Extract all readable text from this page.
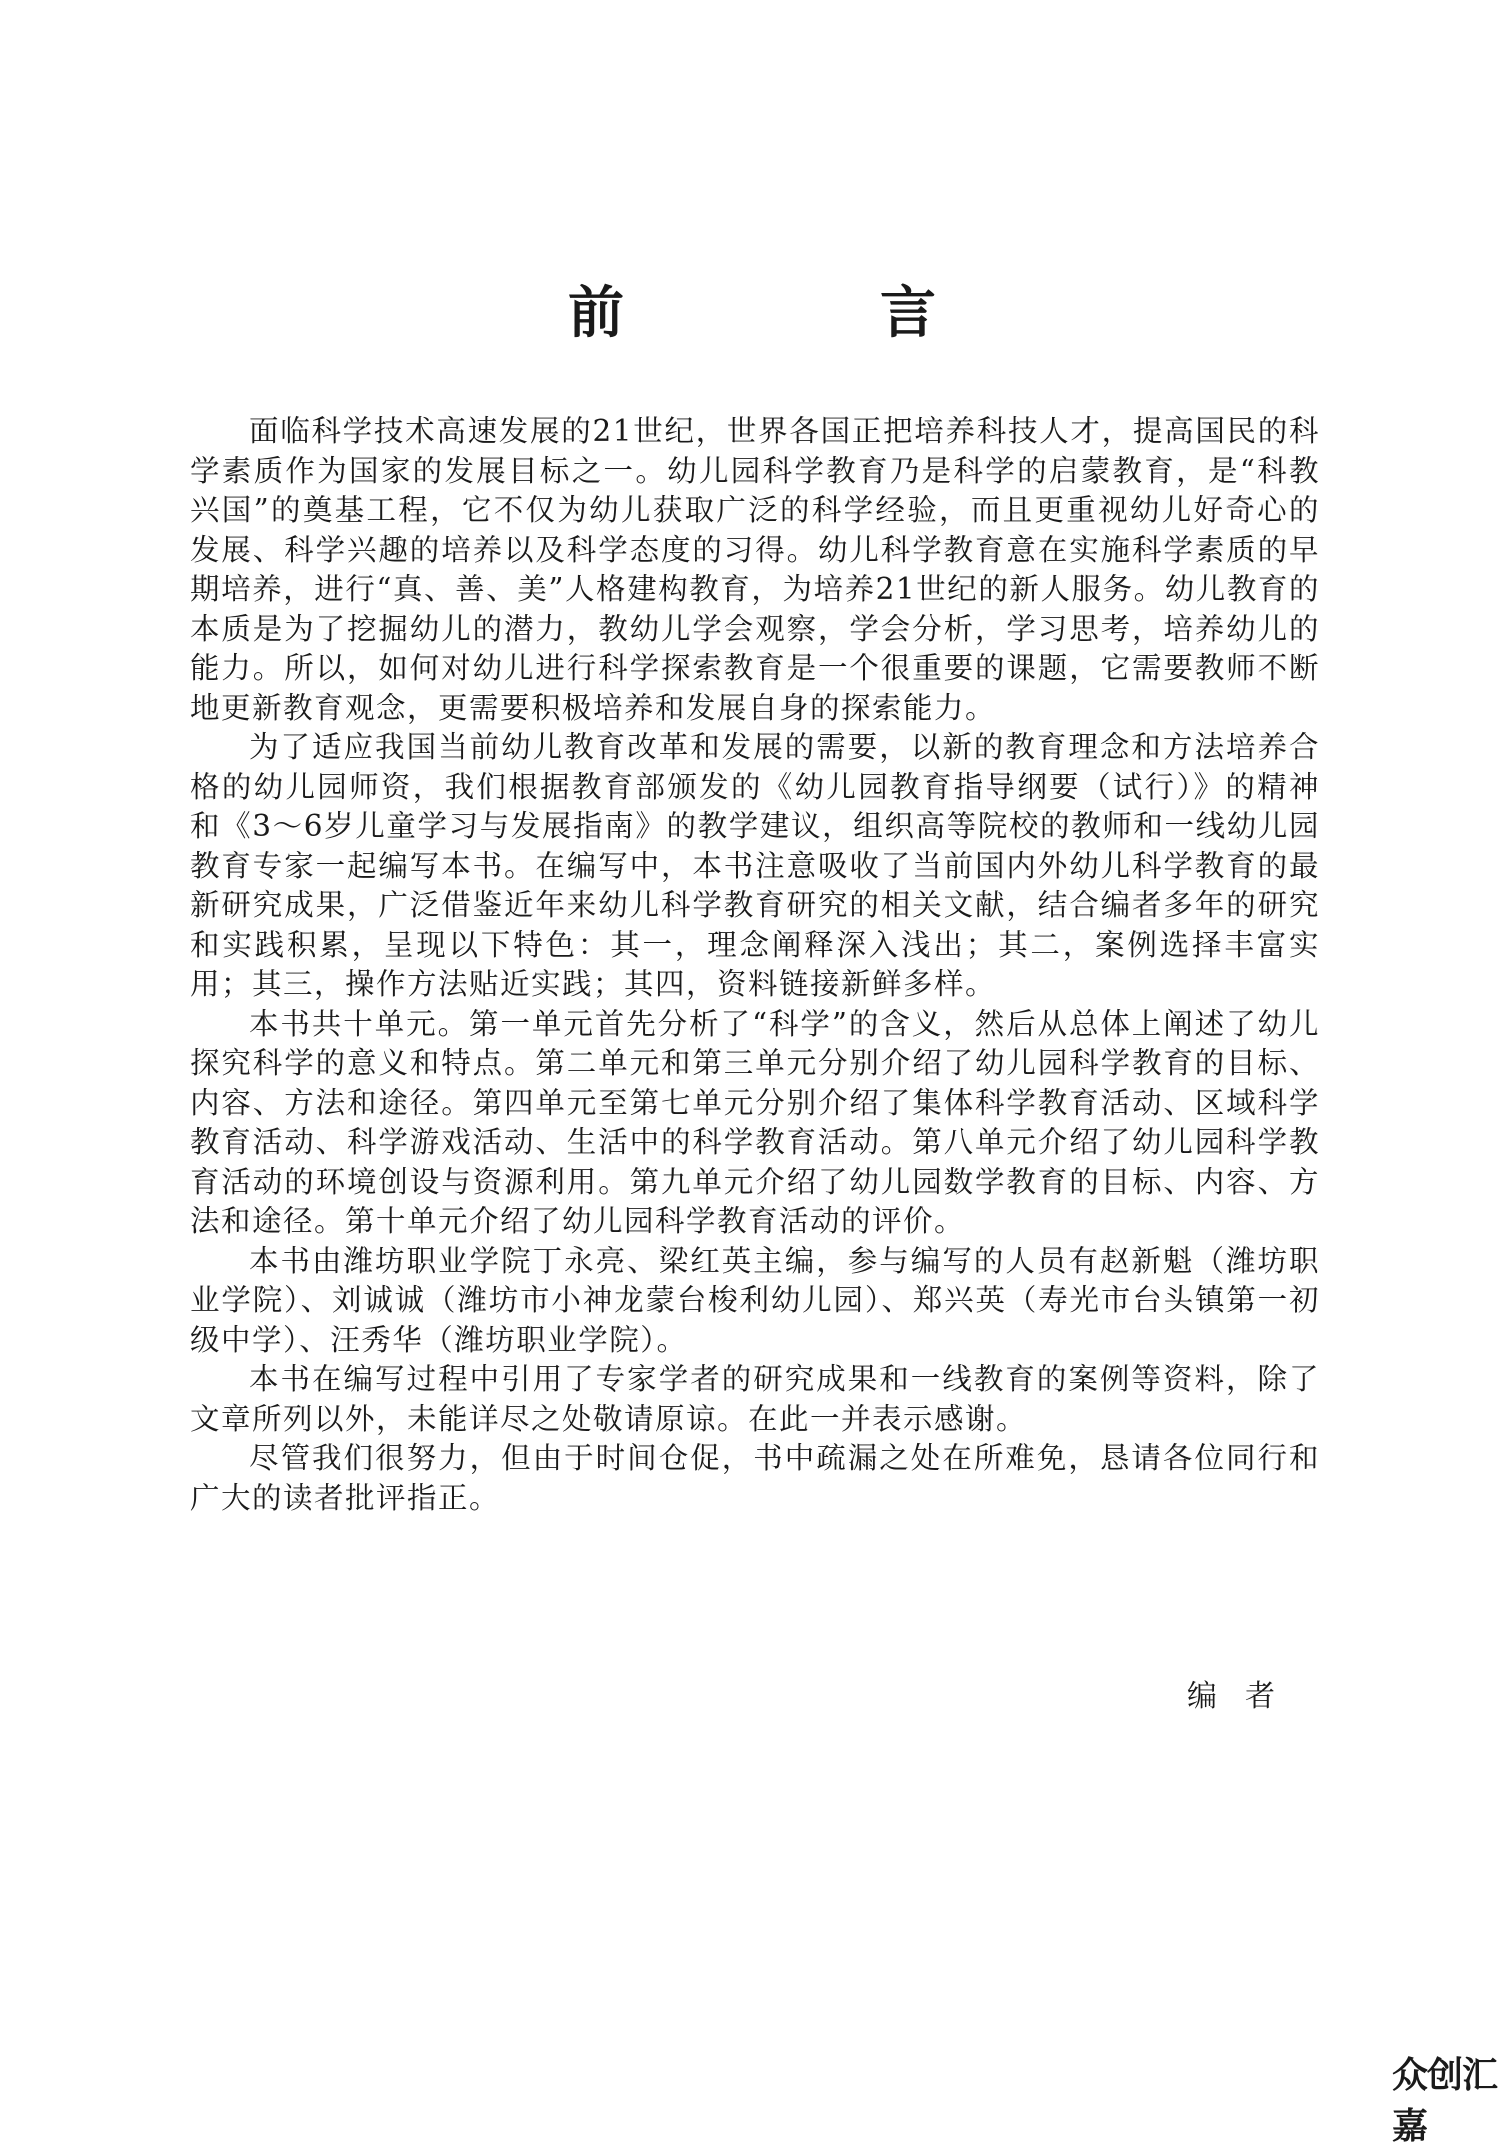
前　言

面临科学技术高速发展的21世纪，世界各国正把培养科技人才，提高国民的科学素质作为国家的发展目标之一。幼儿园科学教育乃是科学的启蒙教育，是“科教兴国”的奠基工程，它不仅为幼儿获取广泛的科学经验，而且更重视幼儿好奇心的发展、科学兴趣的培养以及科学态度的习得。幼儿科学教育意在实施科学素质的早期培养，进行“真、善、美”人格建构教育，为培养21世纪的新人服务。幼儿教育的本质是为了挖掘幼儿的潜力，教幼儿学会观察，学会分析，学习思考，培养幼儿的能力。所以，如何对幼儿进行科学探索教育是一个很重要的课题，它需要教师不断地更新教育观念，更需要积极培养和发展自身的探索能力。

为了适应我国当前幼儿教育改革和发展的需要，以新的教育理念和方法培养合格的幼儿园师资，我们根据教育部颁发的《幼儿园教育指导纲要（试行）》的精神和《3～6岁儿童学习与发展指南》的教学建议，组织高等院校的教师和一线幼儿园教育专家一起编写本书。在编写中，本书注意吸收了当前国内外幼儿科学教育的最新研究成果，广泛借鉴近年来幼儿科学教育研究的相关文献，结合编者多年的研究和实践积累，呈现以下特色：其一，理念阐释深入浅出；其二，案例选择丰富实用；其三，操作方法贴近实践；其四，资料链接新鲜多样。

本书共十单元。第一单元首先分析了“科学”的含义，然后从总体上阐述了幼儿探究科学的意义和特点。第二单元和第三单元分别介绍了幼儿园科学教育的目标、内容、方法和途径。第四单元至第七单元分别介绍了集体科学教育活动、区域科学教育活动、科学游戏活动、生活中的科学教育活动。第八单元介绍了幼儿园科学教育活动的环境创设与资源利用。第九单元介绍了幼儿园数学教育的目标、内容、方法和途径。第十单元介绍了幼儿园科学教育活动的评价。

本书由潍坊职业学院丁永亮、梁红英主编，参与编写的人员有赵新魁（潍坊职业学院）、刘诚诚（潍坊市小神龙蒙台梭利幼儿园）、郑兴英（寿光市台头镇第一初级中学）、汪秀华（潍坊职业学院）。

本书在编写过程中引用了专家学者的研究成果和一线教育的案例等资料，除了文章所列以外，未能详尽之处敬请原谅。在此一并表示感谢。

尽管我们很努力，但由于时间仓促，书中疏漏之处在所难免，恳请各位同行和广大的读者批评指正。

编者

众创汇嘉
